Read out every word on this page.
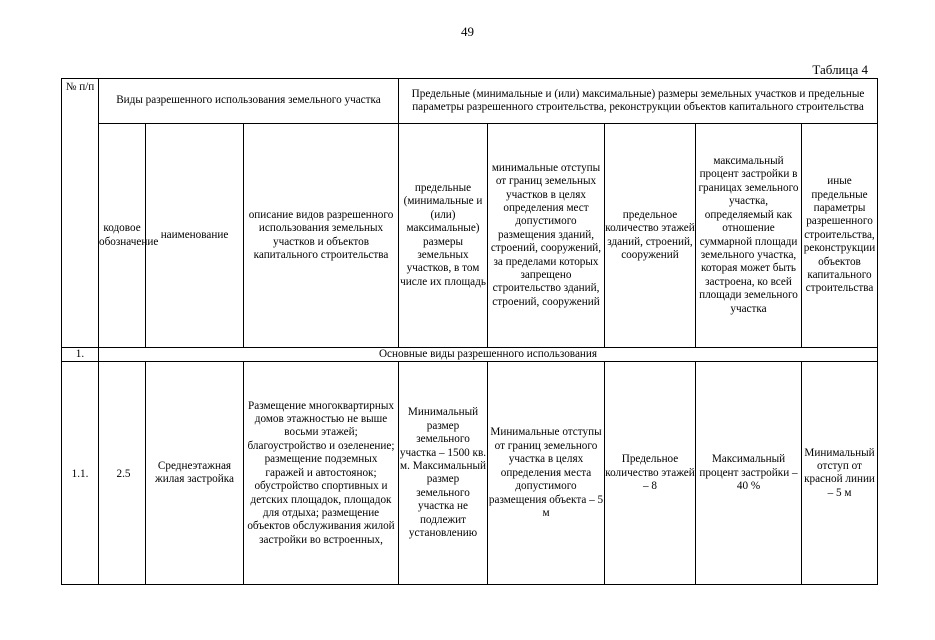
49
Таблица 4
№ п/п	Виды разрешенного использования земельного участка			Предельные (минимальные и (или) максимальные) размеры земельных участков и предельные параметры разрешенного строительства, реконструкции объектов капитального строительства				
	кодовое обозначение	наименование	описание видов разрешенного использования земельных участков и объектов капитального строительства	предельные (минимальные и (или) максимальные) размеры земельных участков, в том числе их площадь	минимальные отступы от границ земельных участков в целях определения мест допустимого размещения зданий, строений, сооружений, за пределами которых запрещено строительство зданий, строений, сооружений	предельное количество этажей зданий, строений, сооружений	максимальный процент застройки в границах земельного участка, определяемый как отношение суммарной площади земельного участка, которая может быть застроена, ко всей площади земельного участка	иные предельные параметры разрешенного строительства, реконструкции объектов капитального строительства
1.	Основные виды разрешенного использования							
1.1.	2.5	Среднеэтажная жилая застройка	Размещение многоквартирных домов этажностью не выше восьми этажей; благоустройство и озеленение; размещение подземных гаражей и автостоянок; обустройство спортивных и детских площадок, площадок для отдыха; размещение объектов обслуживания жилой застройки во встроенных,	Минимальный размер земельного участка – 1500 кв. м. Максимальный размер земельного участка не подлежит установлению	Минимальные отступы от границ земельного участка в целях определения места допустимого размещения объекта – 5 м	Предельное количество этажей – 8	Максимальный процент застройки – 40 %	Минимальный отступ от красной линии – 5 м
